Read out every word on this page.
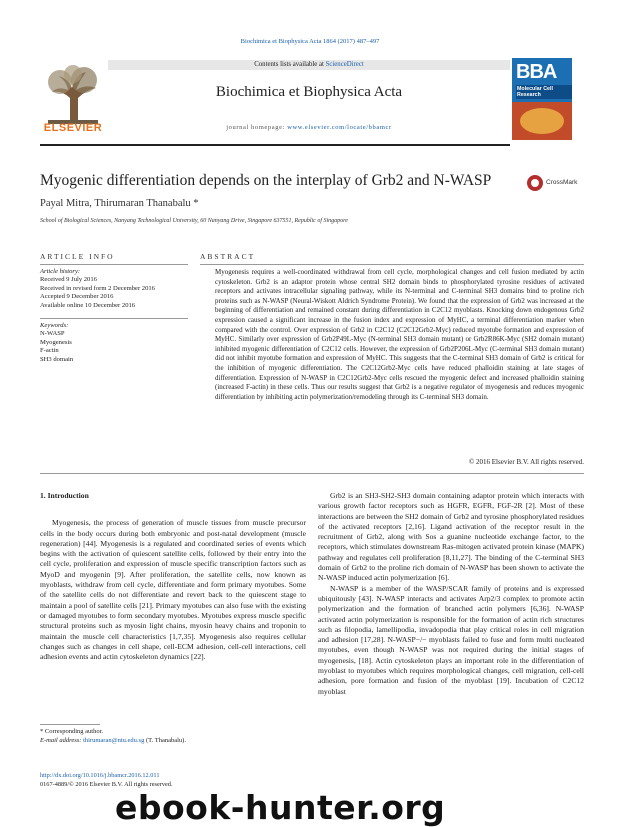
Biochimica et Biophysica Acta 1864 (2017) 487–497
ELSEVIER
Contents lists available at ScienceDirect
Biochimica et Biophysica Acta
journal homepage: www.elsevier.com/locate/bbamcr
BBA
Molecular Cell Research
Myogenic differentiation depends on the interplay of Grb2 and N-WASP	CrossMark
Payal Mitra, Thirumaran Thanabalu *
School of Biological Sciences, Nanyang Technological University, 60 Nanyang Drive, Singapore 637551, Republic of Singapore
ARTICLE INFO	ABSTRACT
Article history:
Received 9 July 2016
Received in revised form 2 December 2016
Accepted 9 December 2016
Available online 10 December 2016
Keywords:
N-WASP
Myogenesis
F-actin
SH3 domain
Myogenesis requires a well-coordinated withdrawal from cell cycle, morphological changes and cell fusion mediated by actin cytoskeleton. Grb2 is an adaptor protein whose central SH2 domain binds to phosphorylated tyrosine residues of activated receptors and activates intracellular signaling pathway, while its N-terminal and C-terminal SH3 domains bind to proline rich proteins such as N-WASP (Neural-Wiskott Aldrich Syndrome Protein). We found that the expression of Grb2 was increased at the beginning of differentiation and remained constant during differentiation in C2C12 myoblasts. Knocking down endogenous Grb2 expression caused a significant increase in the fusion index and expression of MyHC, a terminal differentiation marker when compared with the control. Over expression of Grb2 in C2C12 (C2C12Grb2-Myc) reduced myotube formation and expression of MyHC. Similarly over expression of Grb2P49L-Myc (N-terminal SH3 domain mutant) or Grb2R86K-Myc (SH2 domain mutant) inhibited myogenic differentiation of C2C12 cells. However, the expression of Grb2P206L-Myc (C-terminal SH3 domain mutant) did not inhibit myotube formation and expression of MyHC. This suggests that the C-terminal SH3 domain of Grb2 is critical for the inhibition of myogenic differentiation. The C2C12Grb2-Myc cells have reduced phalloidin staining at late stages of differentiation. Expression of N-WASP in C2C12Grb2-Myc cells rescued the myogenic defect and increased phalloidin staining (increased F-actin) in these cells. Thus our results suggest that Grb2 is a negative regulator of myogenesis and reduces myogenic differentiation by inhibiting actin polymerization/remodeling through its C-terminal SH3 domain.
© 2016 Elsevier B.V. All rights reserved.
1. Introduction

Myogenesis, the process of generation of muscle tissues from muscle precursor cells in the body occurs during both embryonic and post-natal development (muscle regeneration) [44]. Myogenesis is a regulated and coordinated series of events which begins with the activation of quiescent satellite cells, followed by their entry into the cell cycle, proliferation and expression of muscle specific transcription factors such as MyoD and myogenin [9]. After proliferation, the satellite cells, now known as myoblasts, withdraw from cell cycle, differentiate and form primary myotubes. Some of the satellite cells do not differentiate and revert back to the quiescent stage to maintain a pool of satellite cells [21]. Primary myotubes can also fuse with the existing or damaged myotubes to form secondary myotubes. Myotubes express muscle specific structural proteins such as myosin light chains, myosin heavy chains and troponin to maintain the muscle cell characteristics [1,7,35]. Myogenesis also requires cellular changes such as changes in cell shape, cell-ECM adhesion, cell-cell interactions, cell adhesion events and actin cytoskeleton dynamics [22].

Grb2 is an SH3-SH2-SH3 domain containing adaptor protein which interacts with various growth factor receptors such as HGFR, EGFR, FGF-2R [2]. Most of these interactions are between the SH2 domain of Grb2 and tyrosine phosphorylated residues of the activated receptors [2,16]. Ligand activation of the receptor result in the recruitment of Grb2, along with Sos a guanine nucleotide exchange factor, to the receptors, which stimulates downstream Ras-mitogen activated protein kinase (MAPK) pathway and regulates cell proliferation [8,11,27]. The binding of the C-terminal SH3 domain of Grb2 to the proline rich domain of N-WASP has been shown to activate the N-WASP induced actin polymerization [6].

N-WASP is a member of the WASP/SCAR family of proteins and is expressed ubiquitously [43]. N-WASP interacts and activates Arp2/3 complex to promote actin polymerization and the formation of branched actin polymers [6,36]. N-WASP activated actin polymerization is responsible for the formation of actin rich structures such as filopodia, lamellipodia, invadopodia that play critical roles in cell migration and adhesion [17,28]. N-WASP−/− myoblasts failed to fuse and form multi nucleated myotubes, even though N-WASP was not required during the initial stages of myogenesis, [18]. Actin cytoskeleton plays an important role in the differentiation of myoblast to myotubes which requires morphological changes, cell migration, cell-cell adhesion, pore formation and fusion of the myoblast [19]. Incubation of C2C12 myoblast

* Corresponding author.
E-mail address: thirumaran@ntu.edu.sg (T. Thanabalu).
http://dx.doi.org/10.1016/j.bbamcr.2016.12.011
0167-4889/© 2016 Elsevier B.V. All rights reserved.
ebook-hunter.org
